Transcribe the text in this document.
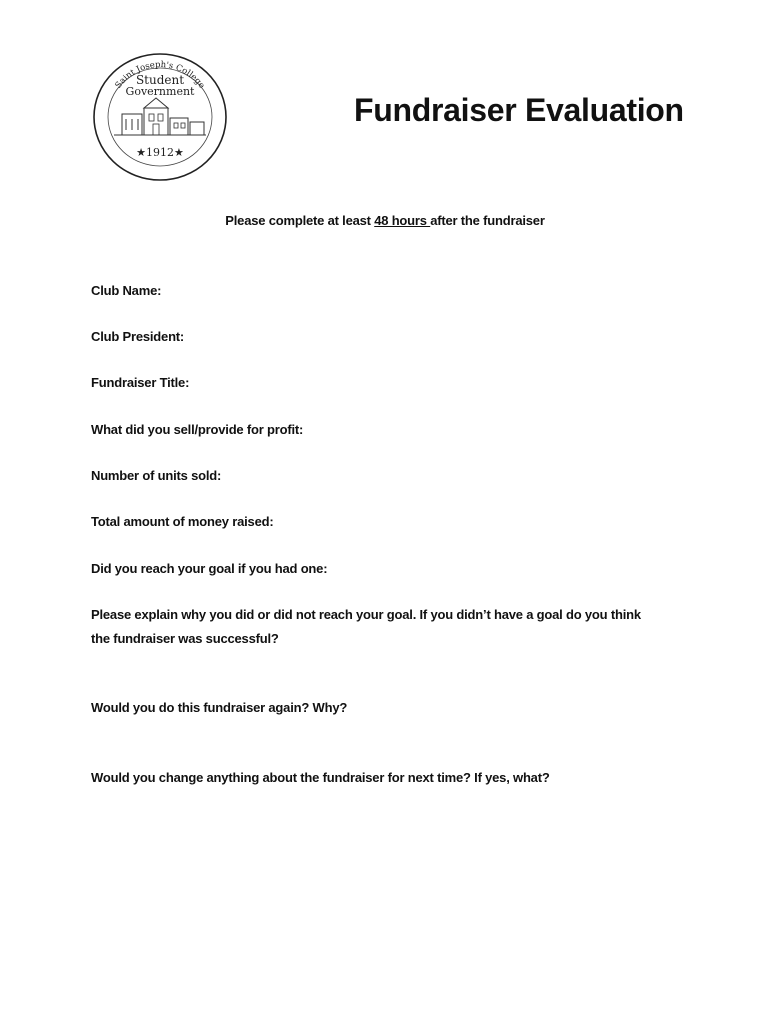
Saint Joseph's College
Student
Government
★1912★
Fundraiser Evaluation
Please complete at least 48 hours after the fundraiser
Club Name:
Club President:
Fundraiser Title:
What did you sell/provide for profit:
Number of units sold:
Total amount of money raised:
Did you reach your goal if you had one:
Please explain why you did or did not reach your goal. If you didn’t have a goal do you think
the fundraiser was successful?
Would you do this fundraiser again? Why?
Would you change anything about the fundraiser for next time? If yes, what?
